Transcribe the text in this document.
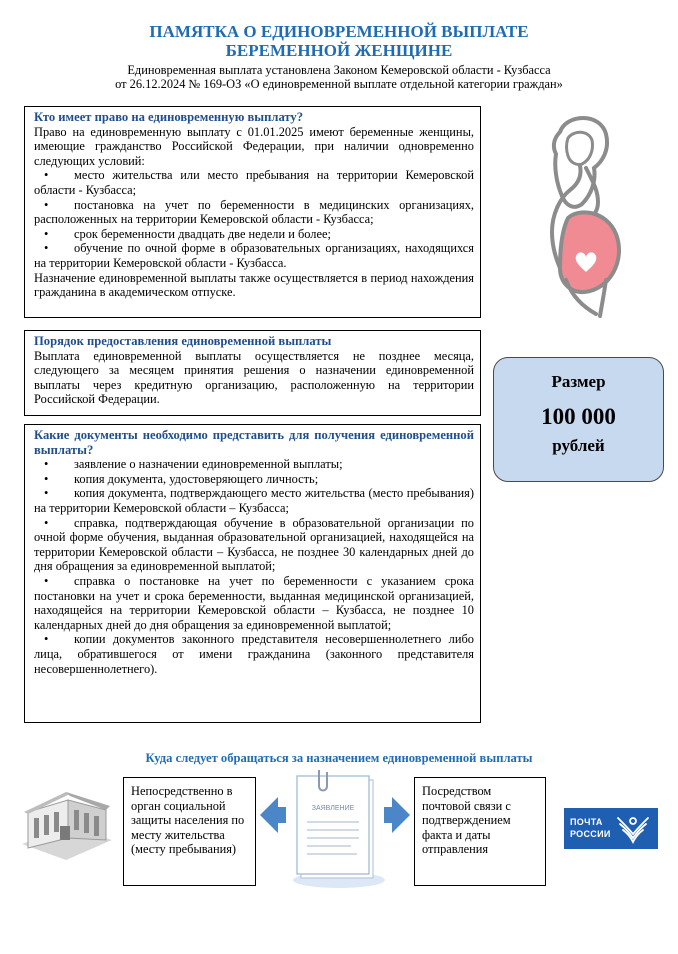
ПАМЯТКА О ЕДИНОВРЕМЕННОЙ ВЫПЛАТЕ
БЕРЕМЕННОЙ ЖЕНЩИНЕ
Единовременная выплата установлена Законом Кемеровской области - Кузбасса
от 26.12.2024 № 169-ОЗ «О единовременной выплате отдельной категории граждан»
Кто имеет право на единовременную выплату?

Право на единовременную выплату с 01.01.2025 имеют беременные женщины, имеющие гражданство Российской Федерации, при наличии одновременно следующих условий:

• место жительства или место пребывания на территории Кемеровской области - Кузбасса;
• постановка на учет по беременности в медицинских организациях, расположенных на территории Кемеровской области - Кузбасса;
• срок беременности двадцать две недели и более;
• обучение по очной форме в образовательных организациях, находящихся на территории Кемеровской области - Кузбасса.

Назначение единовременной выплаты также осуществляется в период нахождения гражданина в академическом отпуске.

Порядок предоставления единовременной выплаты

Выплата единовременной выплаты осуществляется не позднее месяца, следующего за месяцем принятия решения о назначении единовременной выплаты через кредитную организацию, расположенную на территории Российской Федерации.

Размер
100 000
рублей
Какие документы необходимо представить для получения единовременной выплаты?
• заявление о назначении единовременной выплаты;
• копия документа, удостоверяющего личность;
• копия документа, подтверждающего место жительства (место пребывания) на территории Кемеровской области – Кузбасса;
• справка, подтверждающая обучение в образовательной организации по очной форме обучения, выданная образовательной организацией, находящейся на территории Кемеровской области – Кузбасса, не позднее 30 календарных дней до дня обращения за единовременной выплатой;
• справка о постановке на учет по беременности с указанием срока постановки на учет и срока беременности, выданная медицинской организацией, находящейся на территории Кемеровской области – Кузбасса, не позднее 10 календарных дней до дня обращения за единовременной выплатой;
• копии документов законного представителя несовершеннолетнего либо лица, обратившегося от имени гражданина (законного представителя несовершеннолетнего).
Куда следует обращаться за назначением единовременной выплаты
Непосредственно в орган социальной защиты населения по месту жительства (месту пребывания)
ЗАЯВЛЕНИЕ
Посредством почтовой связи с подтверждением факта и даты отправления
ПОЧТА
РОССИИ
